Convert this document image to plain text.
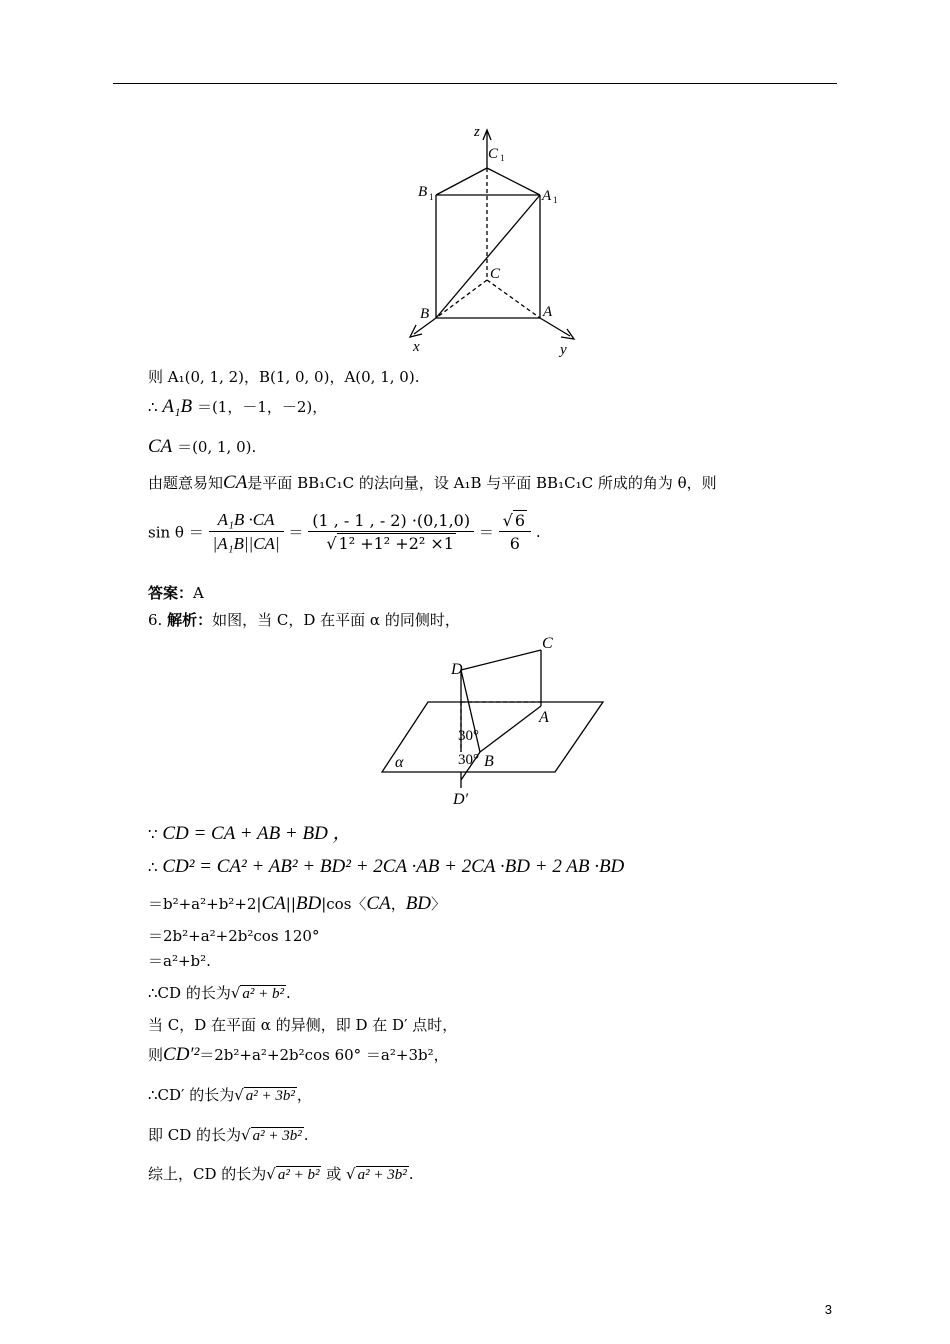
z
C 1
B 1	A 1
C
B	A
x	y
则 A₁(0, 1, 2)，B(1, 0, 0)，A(0, 1, 0).
∴ A₁B ＝(1，－1，－2)，
CA ＝(0, 1, 0).
由题意易知CA是平面 BB₁C₁C 的法向量，设 A₁B 与平面 BB₁C₁C 所成的角为 θ，则
$\sin \theta = \frac{\text{A₁B ·CA}}{\text{|A₁B||CA|}} = \frac{(1 , - 1 , - 2) \cdot(0,1,0)}{\text{√ 1² +1² +2² ×1}} = \frac{√ 6}{6}$ .
答案：A
6. 解析：如图，当 C，D 在平面 α 的同侧时，
C
D
A
B
α
D′
30°
30°
∵ CD = CA + AB + BD ，
∴ CD² = CA² + AB² + BD² + 2CA ·AB + 2CA ·BD + 2 AB ·BD
＝b²+a²+b²+2|CA||BD|cos〈CA，BD〉
＝2b²+a²+2b²cos 120°
＝a²+b².
∴CD 的长为√ a² + b² .
当 C，D 在平面 α 的异侧，即 D 在 D′ 点时，
则CD′²＝2b²+a²+2b²cos 60° ＝a²+3b²，
∴CD′ 的长为√ a² + 3b² ，
即 CD 的长为√ a² + 3b² .
综上，CD 的长为√ a² + b² 或 √ a² + 3b² .
3
